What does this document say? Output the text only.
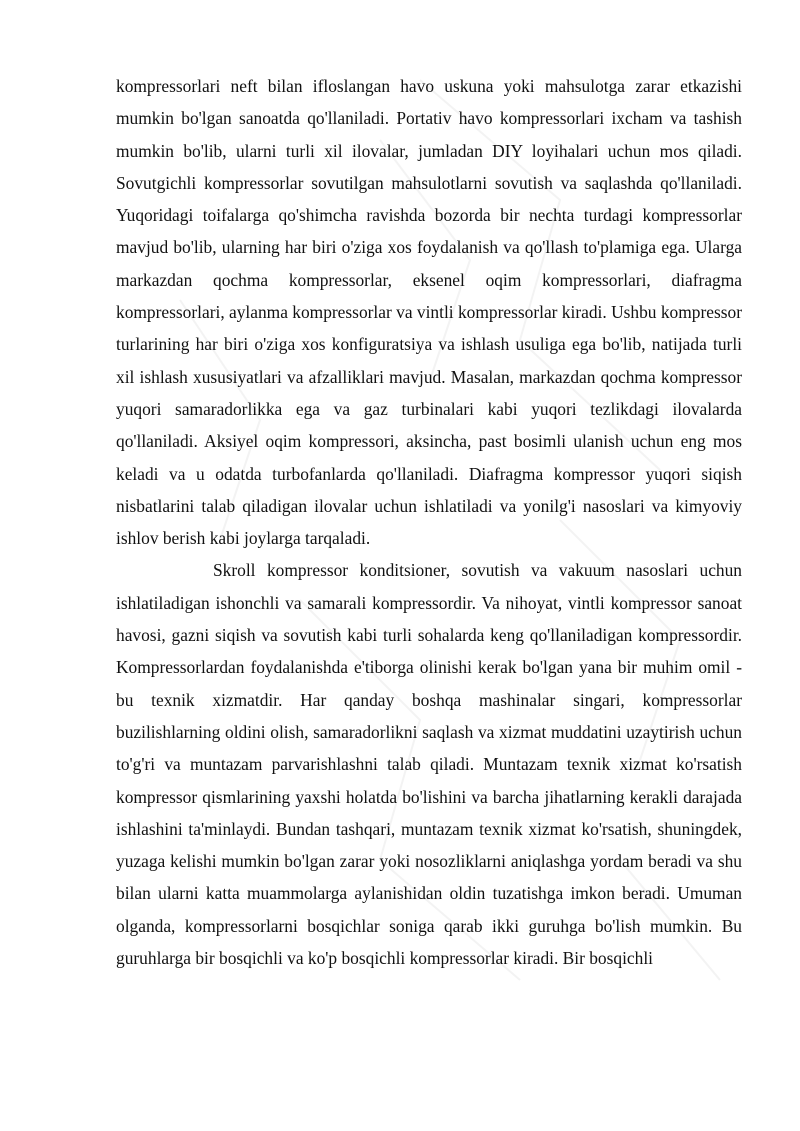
kompressorlari neft bilan ifloslangan havo uskuna yoki mahsulotga zarar etkazishi mumkin bo'lgan sanoatda qo'llaniladi. Portativ havo kompressorlari ixcham va tashish mumkin bo'lib, ularni turli xil ilovalar, jumladan DIY loyihalari uchun mos qiladi. Sovutgichli kompressorlar sovutilgan mahsulotlarni sovutish va saqlashda qo'llaniladi. Yuqoridagi toifalarga qo'shimcha ravishda bozorda bir nechta turdagi kompressorlar mavjud bo'lib, ularning har biri o'ziga xos foydalanish va qo'llash to'plamiga ega. Ularga markazdan qochma kompressorlar, eksenel oqim kompressorlari, diafragma kompressorlari, aylanma kompressorlar va vintli kompressorlar kiradi. Ushbu kompressor turlarining har biri o'ziga xos konfiguratsiya va ishlash usuliga ega bo'lib, natijada turli xil ishlash xususiyatlari va afzalliklari mavjud. Masalan, markazdan qochma kompressor yuqori samaradorlikka ega va gaz turbinalari kabi yuqori tezlikdagi ilovalarda qo'llaniladi. Aksiyel oqim kompressori, aksincha, past bosimli ulanish uchun eng mos keladi va u odatda turbofanlarda qo'llaniladi. Diafragma kompressor yuqori siqish nisbatlarini talab qiladigan ilovalar uchun ishlatiladi va yonilg'i nasoslari va kimyoviy ishlov berish kabi joylarga tarqaladi.

Skroll kompressor konditsioner, sovutish va vakuum nasoslari uchun ishlatiladigan ishonchli va samarali kompressordir. Va nihoyat, vintli kompressor sanoat havosi, gazni siqish va sovutish kabi turli sohalarda keng qo'llaniladigan kompressordir. Kompressorlardan foydalanishda e'tiborga olinishi kerak bo'lgan yana bir muhim omil - bu texnik xizmatdir. Har qanday boshqa mashinalar singari, kompressorlar buzilishlarning oldini olish, samaradorlikni saqlash va xizmat muddatini uzaytirish uchun to'g'ri va muntazam parvarishlashni talab qiladi. Muntazam texnik xizmat ko'rsatish kompressor qismlarining yaxshi holatda bo'lishini va barcha jihatlarning kerakli darajada ishlashini ta'minlaydi. Bundan tashqari, muntazam texnik xizmat ko'rsatish, shuningdek, yuzaga kelishi mumkin bo'lgan zarar yoki nosozliklarni aniqlashga yordam beradi va shu bilan ularni katta muammolarga aylanishidan oldin tuzatishga imkon beradi. Umuman olganda, kompressorlarni bosqichlar soniga qarab ikki guruhga bo'lish mumkin. Bu guruhlarga bir bosqichli va ko'p bosqichli kompressorlar kiradi. Bir bosqichli
